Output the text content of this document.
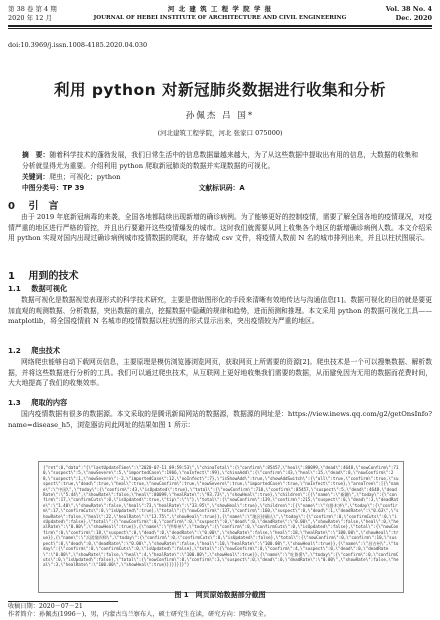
第 38 卷 第 4 期	河 北 建 筑 工 程 学 院 学 报	Vol. 38 No. 4
2020 年 12 月	JOURNAL OF HEBEI INSTITUTE OF ARCHITECTURE AND CIVIL ENGINEERING	Dec. 2020
doi:10.3969/j.issn.1008-4185.2020.04.030
利用 python 对新冠肺炎数据进行收集和分析
孙佩杰 吕 国*
(河北建筑工程学院，河北 张家口 075000)
摘　要：随着科学技术的蓬勃发展，我们日常生活中的信息数据量越来越大，为了从这些数据中提取出有用的信息，大数据的收集和分析就显得尤为重要。介绍利用 python 爬取新冠肺炎的数据并实现数据的可视化。
关键词：爬虫；可视化；python
中图分类号：TP 39	文献标识码：A
0 引　言
由于 2019 年底新冠病毒的来袭，全国各地都陆续出现新增的确诊病例。为了能够更好的控制疫情，需要了解全国各地的疫情现况，对疫情严重的地区进行严格的管控，并且出行要避开这些疫情爆发的城市。这时我们就需要从网上收集各个地区的新增确诊病例人数。本文介绍采用 python 实现对国内出现过确诊病例城市疫情数据的爬取，并存储成 csv 文件，将疫情人数前 N 名的城市排列出来，并且以柱状图展示。
1 用到的技术
1.1 数据可视化
数据可视化是数据视觉表现形式的科学技术研究，主要是借助图形化的手段来清晰有效地传达与沟通信息[1]。数据可视化的目的就是要更加直观的观测数据、分析数据，突出数据的重点，挖掘数据中隐藏的规律和趋势，进而预测和推理。本文采用 python 的数据可视化工具——matplotlib，将全国疫情前 N 名城市的疫情数据以柱状图的形式显示出来，突出疫情较为严重的地区。
1.2 爬虫技术
网络爬虫能够自动下载网页信息，主要原理是模仿浏览器浏览网页，获取网页上所需要的资源[2]。爬虫技术是一个可以搜集数据、解析数据，并将这些数据进行分析的工具。我们可以通过爬虫技术，从互联网上更好地收集我们需要的数据，从而避免因为无用的数据而花费时间，大大地提高了我们的收集效率。
1.3 爬取的内容
国内疫情数据有很多的数据源。本文采取的是腾讯新闻网站的数据源，数据源的网址是：https://view.inews.qq.com/g2/getOnsInfo? name=disease_h5，浏览器访问此网址的结果如图 1 所示：
{"ret":0,"data":"{\"lastUpdateTime\":\"2020-07-11 09:59:53\",\"chinaTotal\":{\"confirm\":85457,\"heal\":80099,\"dead\":4648,\"nowConfirm\":710,\"suspect\":5,\"nowSevere\":5,\"importedCase\":1966,\"noInfect\":99},\"chinaAdd\":{\"confirm\":43,\"heal\":15,\"dead\":0,\"nowConfirm\":28,\"suspect\":1,\"nowSevere\":-2,\"importedCase\":12,\"noInfect\":7},\"isShowAdd\":true,\"showAddSwitch\":{\"all\":true,\"confirm\":true,\"suspect\":true,\"dead\":true,\"heal\":true,\"nowConfirm\":true,\"nowSevere\":true,\"importedCase\":true,\"noInfect\":true},\"areaTree\":[{\"name\":\"中国\",\"today\":{\"confirm\":43,\"isUpdated\":true},\"total\":{\"nowConfirm\":710,\"confirm\":85457,\"suspect\":5,\"dead\":4648,\"deadRate\":\"5.44\",\"showRate\":false,\"heal\":80099,\"healRate\":\"93.73\",\"showHeal\":true},\"children\":[{\"name\":\"新疆\",\"today\":{\"confirm\":17,\"confirmCuts\":0,\"isUpdated\":true,\"tip\":\"\"},\"total\":{\"nowConfirm\":139,\"confirm\":215,\"suspect\":0,\"dead\":3,\"deadRate\":\"1.40\",\"showRate\":false,\"heal\":73,\"healRate\":\"33.95\",\"showHeal\":true},\"children\":[{\"name\":\"乌鲁木齐\",\"today\":{\"confirm\":17,\"confirmCuts\":0,\"isUpdated\":true},\"total\":{\"nowConfirm\":137,\"confirm\":160,\"suspect\":0,\"dead\":1,\"deadRate\":\"0.63\",\"showRate\":false,\"heal\":22,\"healRate\":\"13.75\",\"showHeal\":true}},{\"name\":\"地区待确认\",\"today\":{\"confirm\":0,\"confirmCuts\":0,\"isUpdated\":false},\"total\":{\"nowConfirm\":0,\"confirm\":0,\"suspect\":0,\"dead\":0,\"deadRate\":\"0.00\",\"showRate\":false,\"heal\":0,\"healRate\":\"0.00\",\"showHeal\":true}},{\"name\":\"伊犁州\",\"today\":{\"confirm\":0,\"confirmCuts\":0,\"isUpdated\":false},\"total\":{\"nowConfirm\":0,\"confirm\":18,\"suspect\":0,\"dead\":0,\"deadRate\":\"0.00\",\"showRate\":false,\"heal\":18,\"healRate\":\"100.00\",\"showHeal\":true}},{\"name\":\"兵团第四师\",\"today\":{\"confirm\":0,\"confirmCuts\":0,\"isUpdated\":false},\"total\":{\"nowConfirm\":0,\"confirm\":10,\"suspect\":0,\"dead\":0,\"deadRate\":\"0.00\",\"showRate\":false,\"heal\":10,\"healRate\":\"100.00\",\"showHeal\":true}},{\"name\":\"昌吉州\",\"today\":{\"confirm\":0,\"confirmCuts\":0,\"isUpdated\":false},\"total\":{\"nowConfirm\":0,\"confirm\":4,\"suspect\":0,\"dead\":0,\"deadRate\":\"0.00\",\"showRate\":false,\"heal\":4,\"healRate\":\"100.00\",\"showHeal\":true}},{\"name\":\"吐鲁番\",\"today\":{\"confirm\":0,\"confirmCuts\":0,\"isUpdated\":false},\"total\":{\"nowConfirm\":0,\"confirm\":3,\"suspect\":0,\"dead\":0,\"deadRate\":\"0.00\",\"showRate\":false,\"heal\":3,\"healRate\":\"100.00\",\"showHeal\":true}}]}]}]}"}
图 1　网页原始数据部分截图
收稿日期：2020－07－21
作者简介：孙佩杰(1996－)，男，内蒙古乌兰察布人，硕士研究生在读，研究方向：网络安全。
